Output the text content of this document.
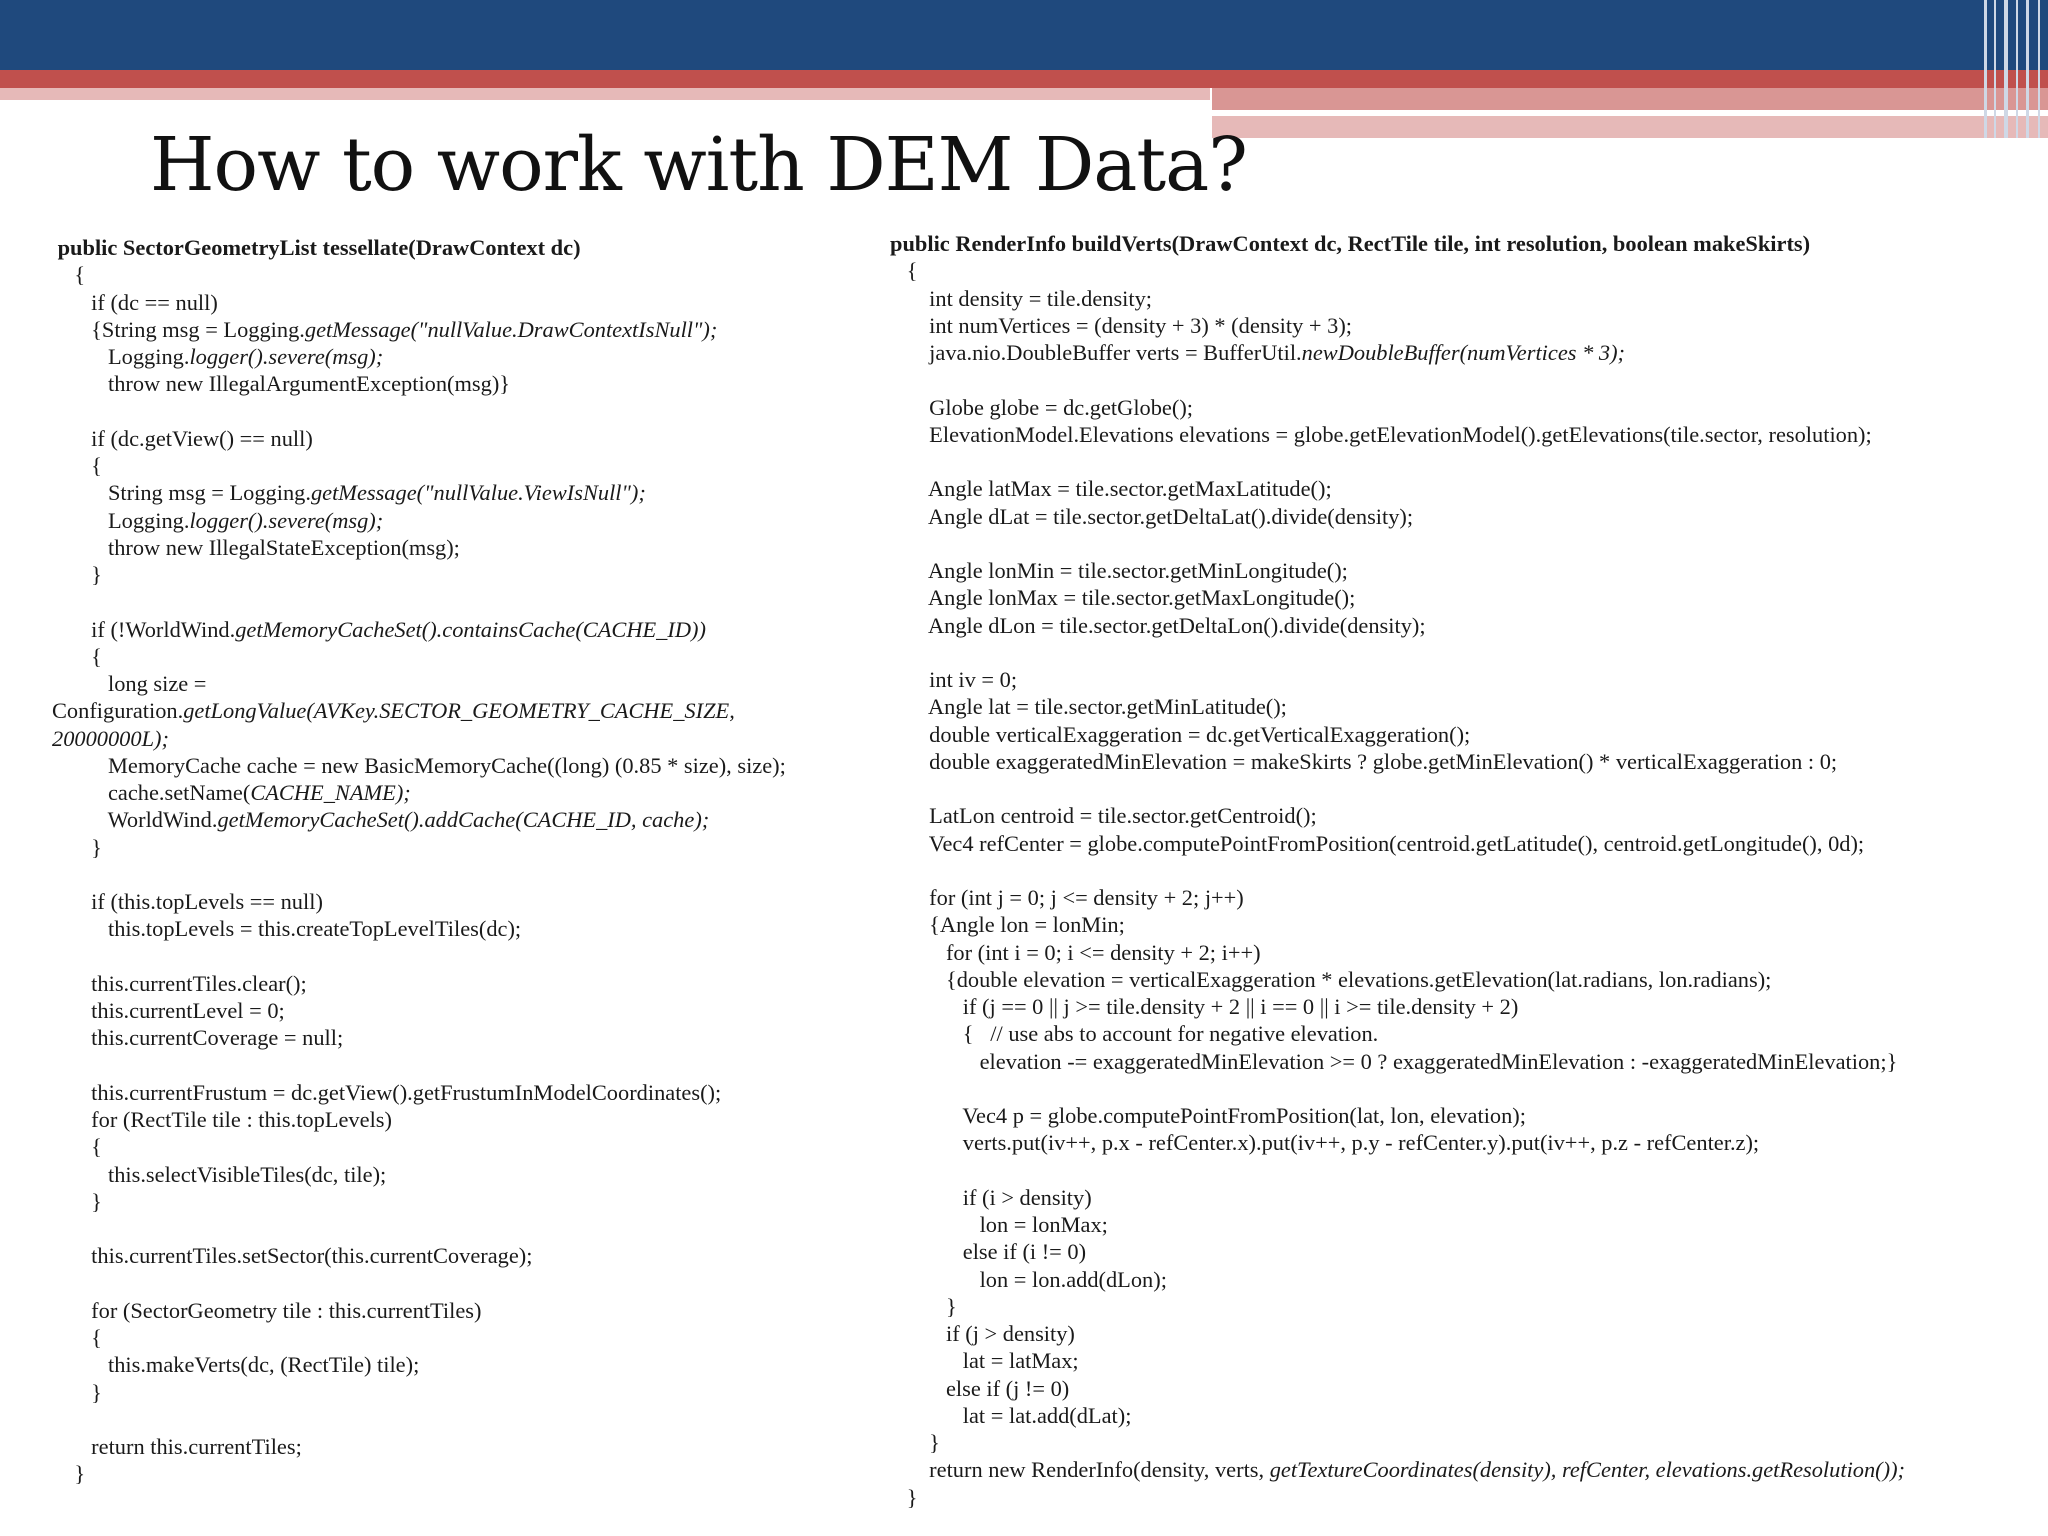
How to work with DEM Data?
public SectorGeometryList tessellate(DrawContext dc)
{
if (dc == null)
{String msg = Logging.getMessage("nullValue.DrawContextIsNull");
Logging.logger().severe(msg);
throw new IllegalArgumentException(msg)}

if (dc.getView() == null)
{
String msg = Logging.getMessage("nullValue.ViewIsNull");
Logging.logger().severe(msg);
throw new IllegalStateException(msg);
}

if (!WorldWind.getMemoryCacheSet().containsCache(CACHE_ID))
{
long size =
Configuration.getLongValue(AVKey.SECTOR_GEOMETRY_CACHE_SIZE,
20000000L);
MemoryCache cache = new BasicMemoryCache((long) (0.85 * size), size);
cache.setName(CACHE_NAME);
WorldWind.getMemoryCacheSet().addCache(CACHE_ID, cache);
}

if (this.topLevels == null)
this.topLevels = this.createTopLevelTiles(dc);

this.currentTiles.clear();
this.currentLevel = 0;
this.currentCoverage = null;

this.currentFrustum = dc.getView().getFrustumInModelCoordinates();
for (RectTile tile : this.topLevels)
{
this.selectVisibleTiles(dc, tile);
}

this.currentTiles.setSector(this.currentCoverage);

for (SectorGeometry tile : this.currentTiles)
{
this.makeVerts(dc, (RectTile) tile);
}

return this.currentTiles;
}
public RenderInfo buildVerts(DrawContext dc, RectTile tile, int resolution, boolean makeSkirts)
{
int density = tile.density;
int numVertices = (density + 3) * (density + 3);
java.nio.DoubleBuffer verts = BufferUtil.newDoubleBuffer(numVertices * 3);

Globe globe = dc.getGlobe();
ElevationModel.Elevations elevations = globe.getElevationModel().getElevations(tile.sector, resolution);

Angle latMax = tile.sector.getMaxLatitude();
Angle dLat = tile.sector.getDeltaLat().divide(density);

Angle lonMin = tile.sector.getMinLongitude();
Angle lonMax = tile.sector.getMaxLongitude();
Angle dLon = tile.sector.getDeltaLon().divide(density);

int iv = 0;
Angle lat = tile.sector.getMinLatitude();
double verticalExaggeration = dc.getVerticalExaggeration();
double exaggeratedMinElevation = makeSkirts ? globe.getMinElevation() * verticalExaggeration : 0;

LatLon centroid = tile.sector.getCentroid();
Vec4 refCenter = globe.computePointFromPosition(centroid.getLatitude(), centroid.getLongitude(), 0d);

for (int j = 0; j <= density + 2; j++)
{Angle lon = lonMin;
for (int i = 0; i <= density + 2; i++)
{double elevation = verticalExaggeration * elevations.getElevation(lat.radians, lon.radians);
if (j == 0 || j >= tile.density + 2 || i == 0 || i >= tile.density + 2)
{   // use abs to account for negative elevation.
elevation -= exaggeratedMinElevation >= 0 ? exaggeratedMinElevation : -exaggeratedMinElevation;}

Vec4 p = globe.computePointFromPosition(lat, lon, elevation);
verts.put(iv++, p.x - refCenter.x).put(iv++, p.y - refCenter.y).put(iv++, p.z - refCenter.z);

if (i > density)
lon = lonMax;
else if (i != 0)
lon = lon.add(dLon);
}
if (j > density)
lat = latMax;
else if (j != 0)
lat = lat.add(dLat);
}
return new RenderInfo(density, verts, getTextureCoordinates(density), refCenter, elevations.getResolution());
}
